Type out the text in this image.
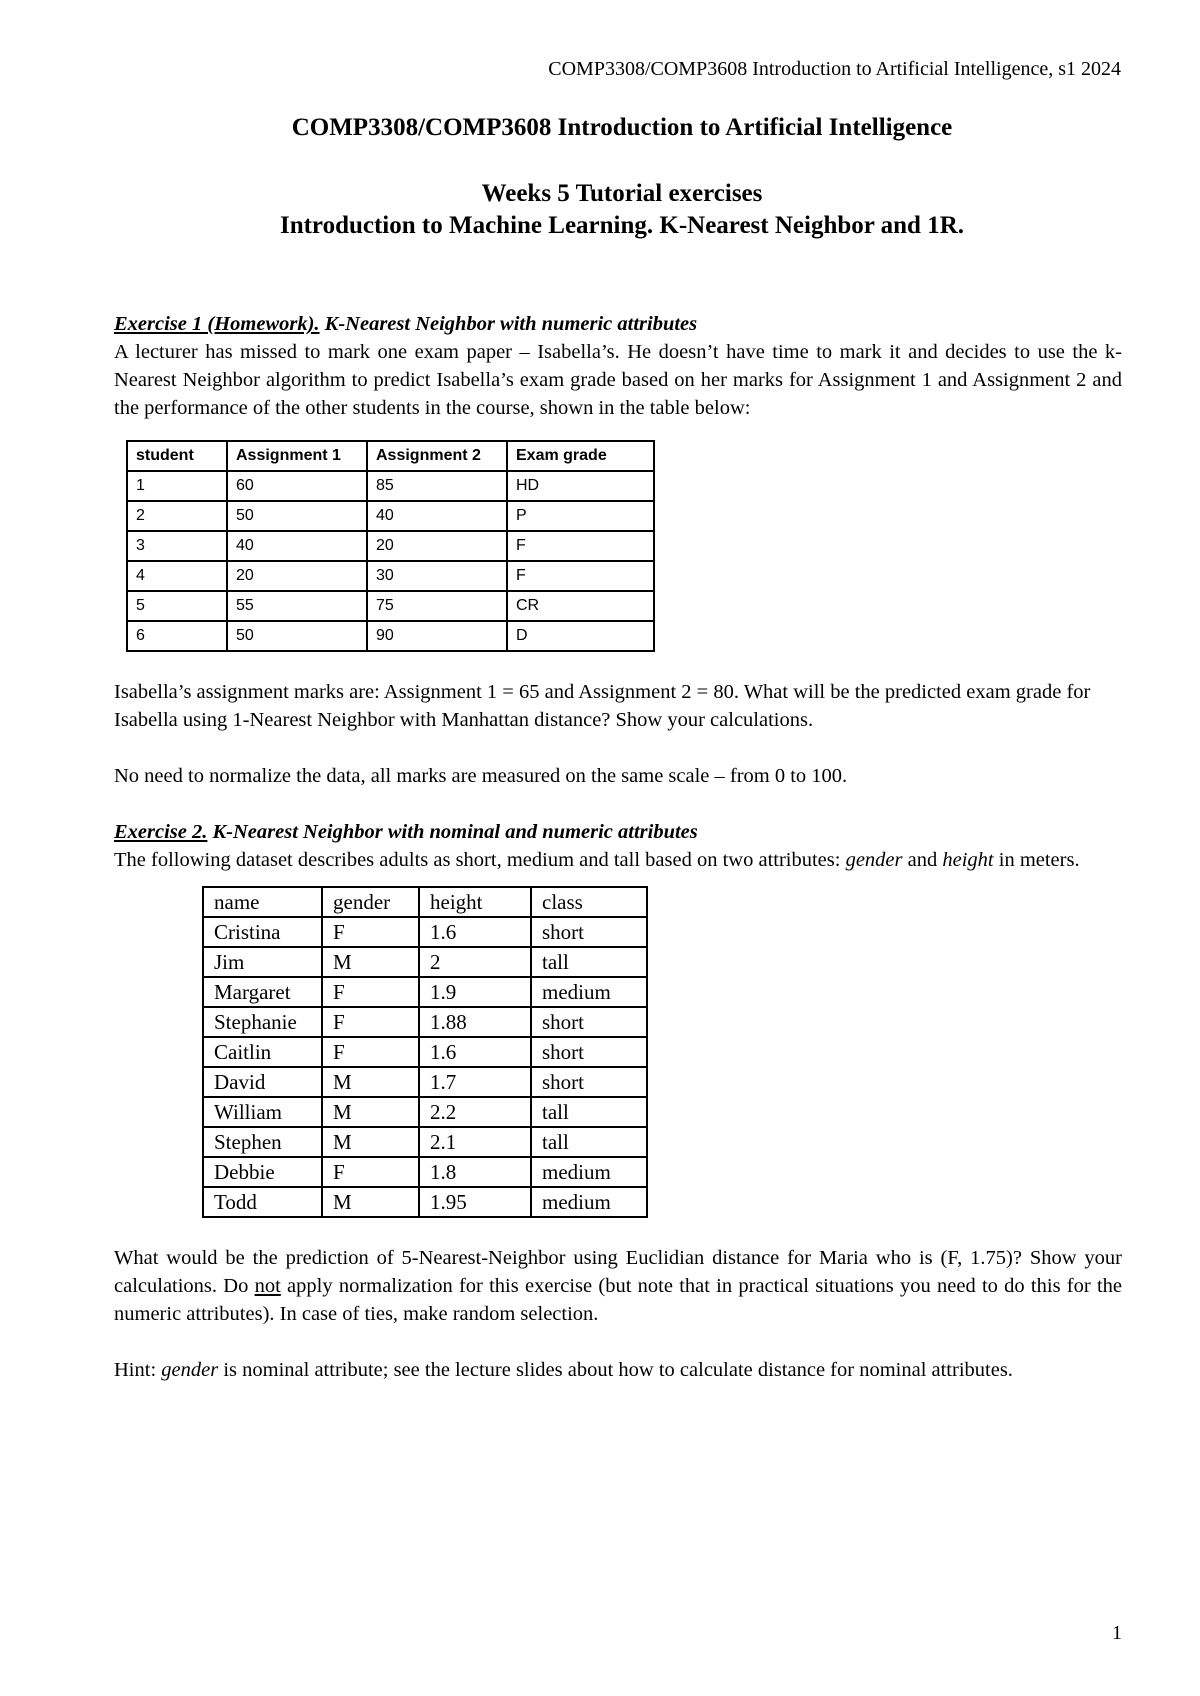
COMP3308/COMP3608 Introduction to Artificial Intelligence, s1 2024
COMP3308/COMP3608 Introduction to Artificial Intelligence
Weeks 5 Tutorial exercises
Introduction to Machine Learning. K-Nearest Neighbor and 1R.
Exercise 1 (Homework). K-Nearest Neighbor with numeric attributes

A lecturer has missed to mark one exam paper – Isabella’s. He doesn’t have time to mark it and decides to use the k-Nearest Neighbor algorithm to predict Isabella’s exam grade based on her marks for Assignment 1 and Assignment 2 and the performance of the other students in the course, shown in the table below:

student	Assignment 1	Assignment 2	Exam grade
1	60	85	HD
2	50	40	P
3	40	20	F
4	20	30	F
5	55	75	CR
6	50	90	D

Isabella’s assignment marks are: Assignment 1 = 65 and Assignment 2 = 80. What will be the predicted exam grade for Isabella using 1-Nearest Neighbor with Manhattan distance? Show your calculations.

No need to normalize the data, all marks are measured on the same scale – from 0 to 100.

Exercise 2. K-Nearest Neighbor with nominal and numeric attributes

The following dataset describes adults as short, medium and tall based on two attributes: gender and height in meters.

name	gender	height	class
Cristina	F	1.6	short
Jim	M	2	tall
Margaret	F	1.9	medium
Stephanie	F	1.88	short
Caitlin	F	1.6	short
David	M	1.7	short
William	M	2.2	tall
Stephen	M	2.1	tall
Debbie	F	1.8	medium
Todd	M	1.95	medium

What would be the prediction of 5-Nearest-Neighbor using Euclidian distance for Maria who is (F, 1.75)? Show your calculations. Do not apply normalization for this exercise (but note that in practical situations you need to do this for the numeric attributes). In case of ties, make random selection.

Hint: gender is nominal attribute; see the lecture slides about how to calculate distance for nominal attributes.

1
